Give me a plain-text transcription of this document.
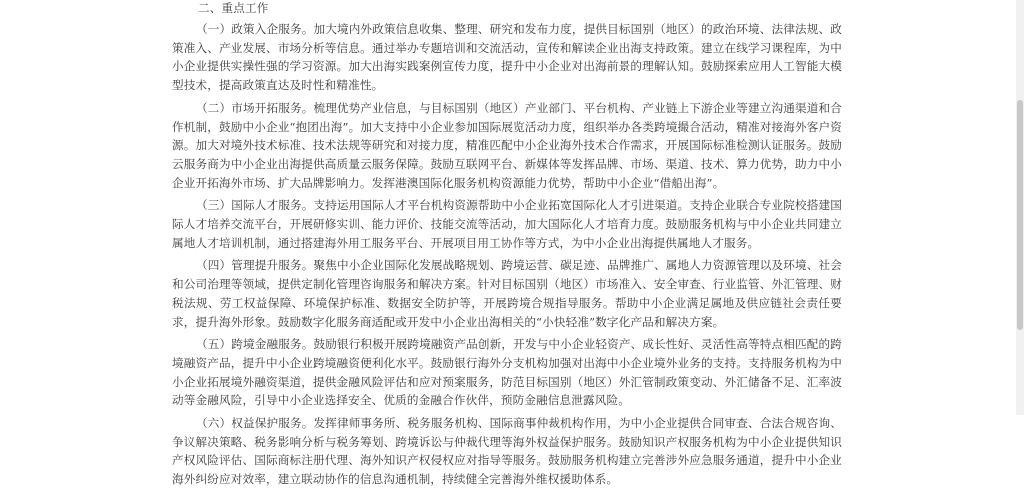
二、重点工作

（一）政策入企服务。加大境内外政策信息收集、整理、研究和发布力度，提供目标国别（地区）的政治环境、法律法规、政策准入、产业发展、市场分析等信息。通过举办专题培训和交流活动，宣传和解读企业出海支持政策。建立在线学习课程库，为中小企业提供实操性强的学习资源。加大出海实践案例宣传力度，提升中小企业对出海前景的理解认知。鼓励探索应用人工智能大模型技术，提高政策直达及时性和精准性。

（二）市场开拓服务。梳理优势产业信息，与目标国别（地区）产业部门、平台机构、产业链上下游企业等建立沟通渠道和合作机制，鼓励中小企业“抱团出海”。加大支持中小企业参加国际展览活动力度，组织举办各类跨境撮合活动，精准对接海外客户资源。加大对境外技术标准、技术法规等研究和对接力度，精准匹配中小企业海外技术合作需求，开展国际标准检测认证服务。鼓励云服务商为中小企业出海提供高质量云服务保障。鼓励互联网平台、新媒体等发挥品牌、市场、渠道、技术、算力优势，助力中小企业开拓海外市场、扩大品牌影响力。发挥港澳国际化服务机构资源能力优势，帮助中小企业“借船出海”。

（三）国际人才服务。支持运用国际人才平台机构资源帮助中小企业拓宽国际化人才引进渠道。支持企业联合专业院校搭建国际人才培养交流平台，开展研修实训、能力评价、技能交流等活动，加大国际化人才培育力度。鼓励服务机构与中小企业共同建立属地人才培训机制，通过搭建海外用工服务平台、开展项目用工协作等方式，为中小企业出海提供属地人才服务。

（四）管理提升服务。聚焦中小企业国际化发展战略规划、跨境运营、碳足迹、品牌推广、属地人力资源管理以及环境、社会和公司治理等领域，提供定制化管理咨询服务和解决方案。针对目标国别（地区）市场准入、安全审查、行业监管、外汇管理、财税法规、劳工权益保障、环境保护标准、数据安全防护等，开展跨境合规指导服务。帮助中小企业满足属地及供应链社会责任要求，提升海外形象。鼓励数字化服务商适配或开发中小企业出海相关的“小快轻准”数字化产品和解决方案。

（五）跨境金融服务。鼓励银行积极开展跨境融资产品创新，开发与中小企业轻资产、成长性好、灵活性高等特点相匹配的跨境融资产品，提升中小企业跨境融资便利化水平。鼓励银行海外分支机构加强对出海中小企业境外业务的支持。支持服务机构为中小企业拓展境外融资渠道，提供金融风险评估和应对预案服务，防范目标国别（地区）外汇管制政策变动、外汇储备不足、汇率波动等金融风险，引导中小企业选择安全、优质的金融合作伙伴，预防金融信息泄露风险。

（六）权益保护服务。发挥律师事务所、税务服务机构、国际商事仲裁机构作用，为中小企业提供合同审查、合法合规咨询、争议解决策略、税务影响分析与税务筹划、跨境诉讼与仲裁代理等海外权益保护服务。鼓励知识产权服务机构为中小企业提供知识产权风险评估、国际商标注册代理、海外知识产权侵权应对指导等服务。鼓励服务机构建立完善涉外应急服务通道，提升中小企业海外纠纷应对效率，建立联动协作的信息沟通机制，持续健全完善海外维权援助体系。
